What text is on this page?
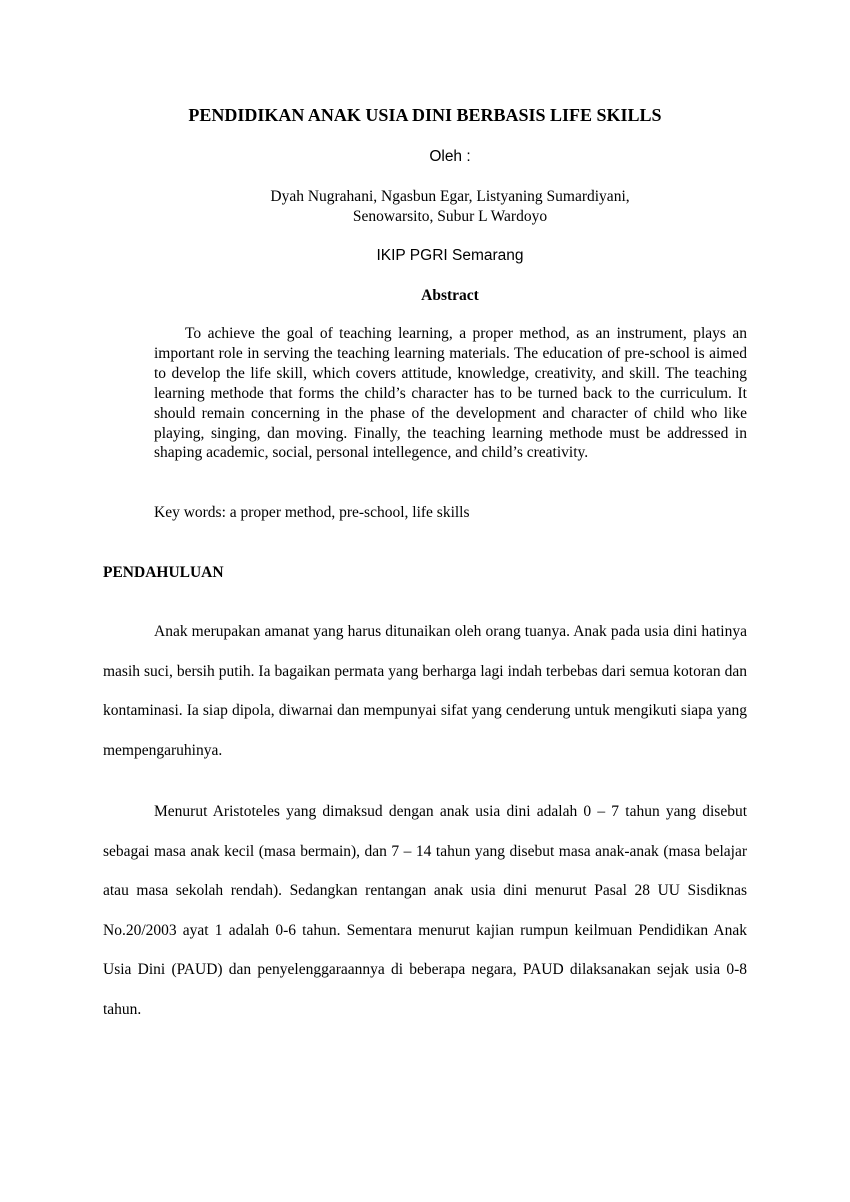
PENDIDIKAN ANAK USIA DINI BERBASIS LIFE SKILLS
Oleh :
Dyah Nugrahani, Ngasbun Egar, Listyaning Sumardiyani,
Senowarsito, Subur L Wardoyo
IKIP PGRI Semarang
Abstract

To achieve the goal of teaching learning, a proper method, as an instrument, plays an important role in serving the teaching learning materials. The education of pre-school is aimed to develop the life skill, which covers attitude, knowledge, creativity, and skill. The teaching learning methode that forms the child’s character has to be turned back to the curriculum. It should remain concerning in the phase of the development and character of child who like playing, singing, dan moving. Finally, the teaching learning methode must be addressed in shaping academic, social, personal intellegence, and child’s creativity.

Key words: a proper method, pre-school, life skills

PENDAHULUAN

Anak merupakan amanat yang harus ditunaikan oleh orang tuanya. Anak pada usia dini hatinya masih suci, bersih putih. Ia bagaikan permata yang berharga lagi indah terbebas dari semua kotoran dan kontaminasi. Ia siap dipola, diwarnai dan mempunyai sifat yang cenderung untuk mengikuti siapa yang mempengaruhinya.

Menurut Aristoteles yang dimaksud dengan anak usia dini adalah 0 – 7 tahun yang disebut sebagai masa anak kecil (masa bermain), dan 7 – 14 tahun yang disebut masa anak-anak (masa belajar atau masa sekolah rendah). Sedangkan rentangan anak usia dini menurut Pasal 28 UU Sisdiknas No.20/2003 ayat 1 adalah 0-6 tahun. Sementara menurut kajian rumpun keilmuan Pendidikan Anak Usia Dini (PAUD) dan penyelenggaraannya di beberapa negara, PAUD dilaksanakan sejak usia 0-8 tahun.
